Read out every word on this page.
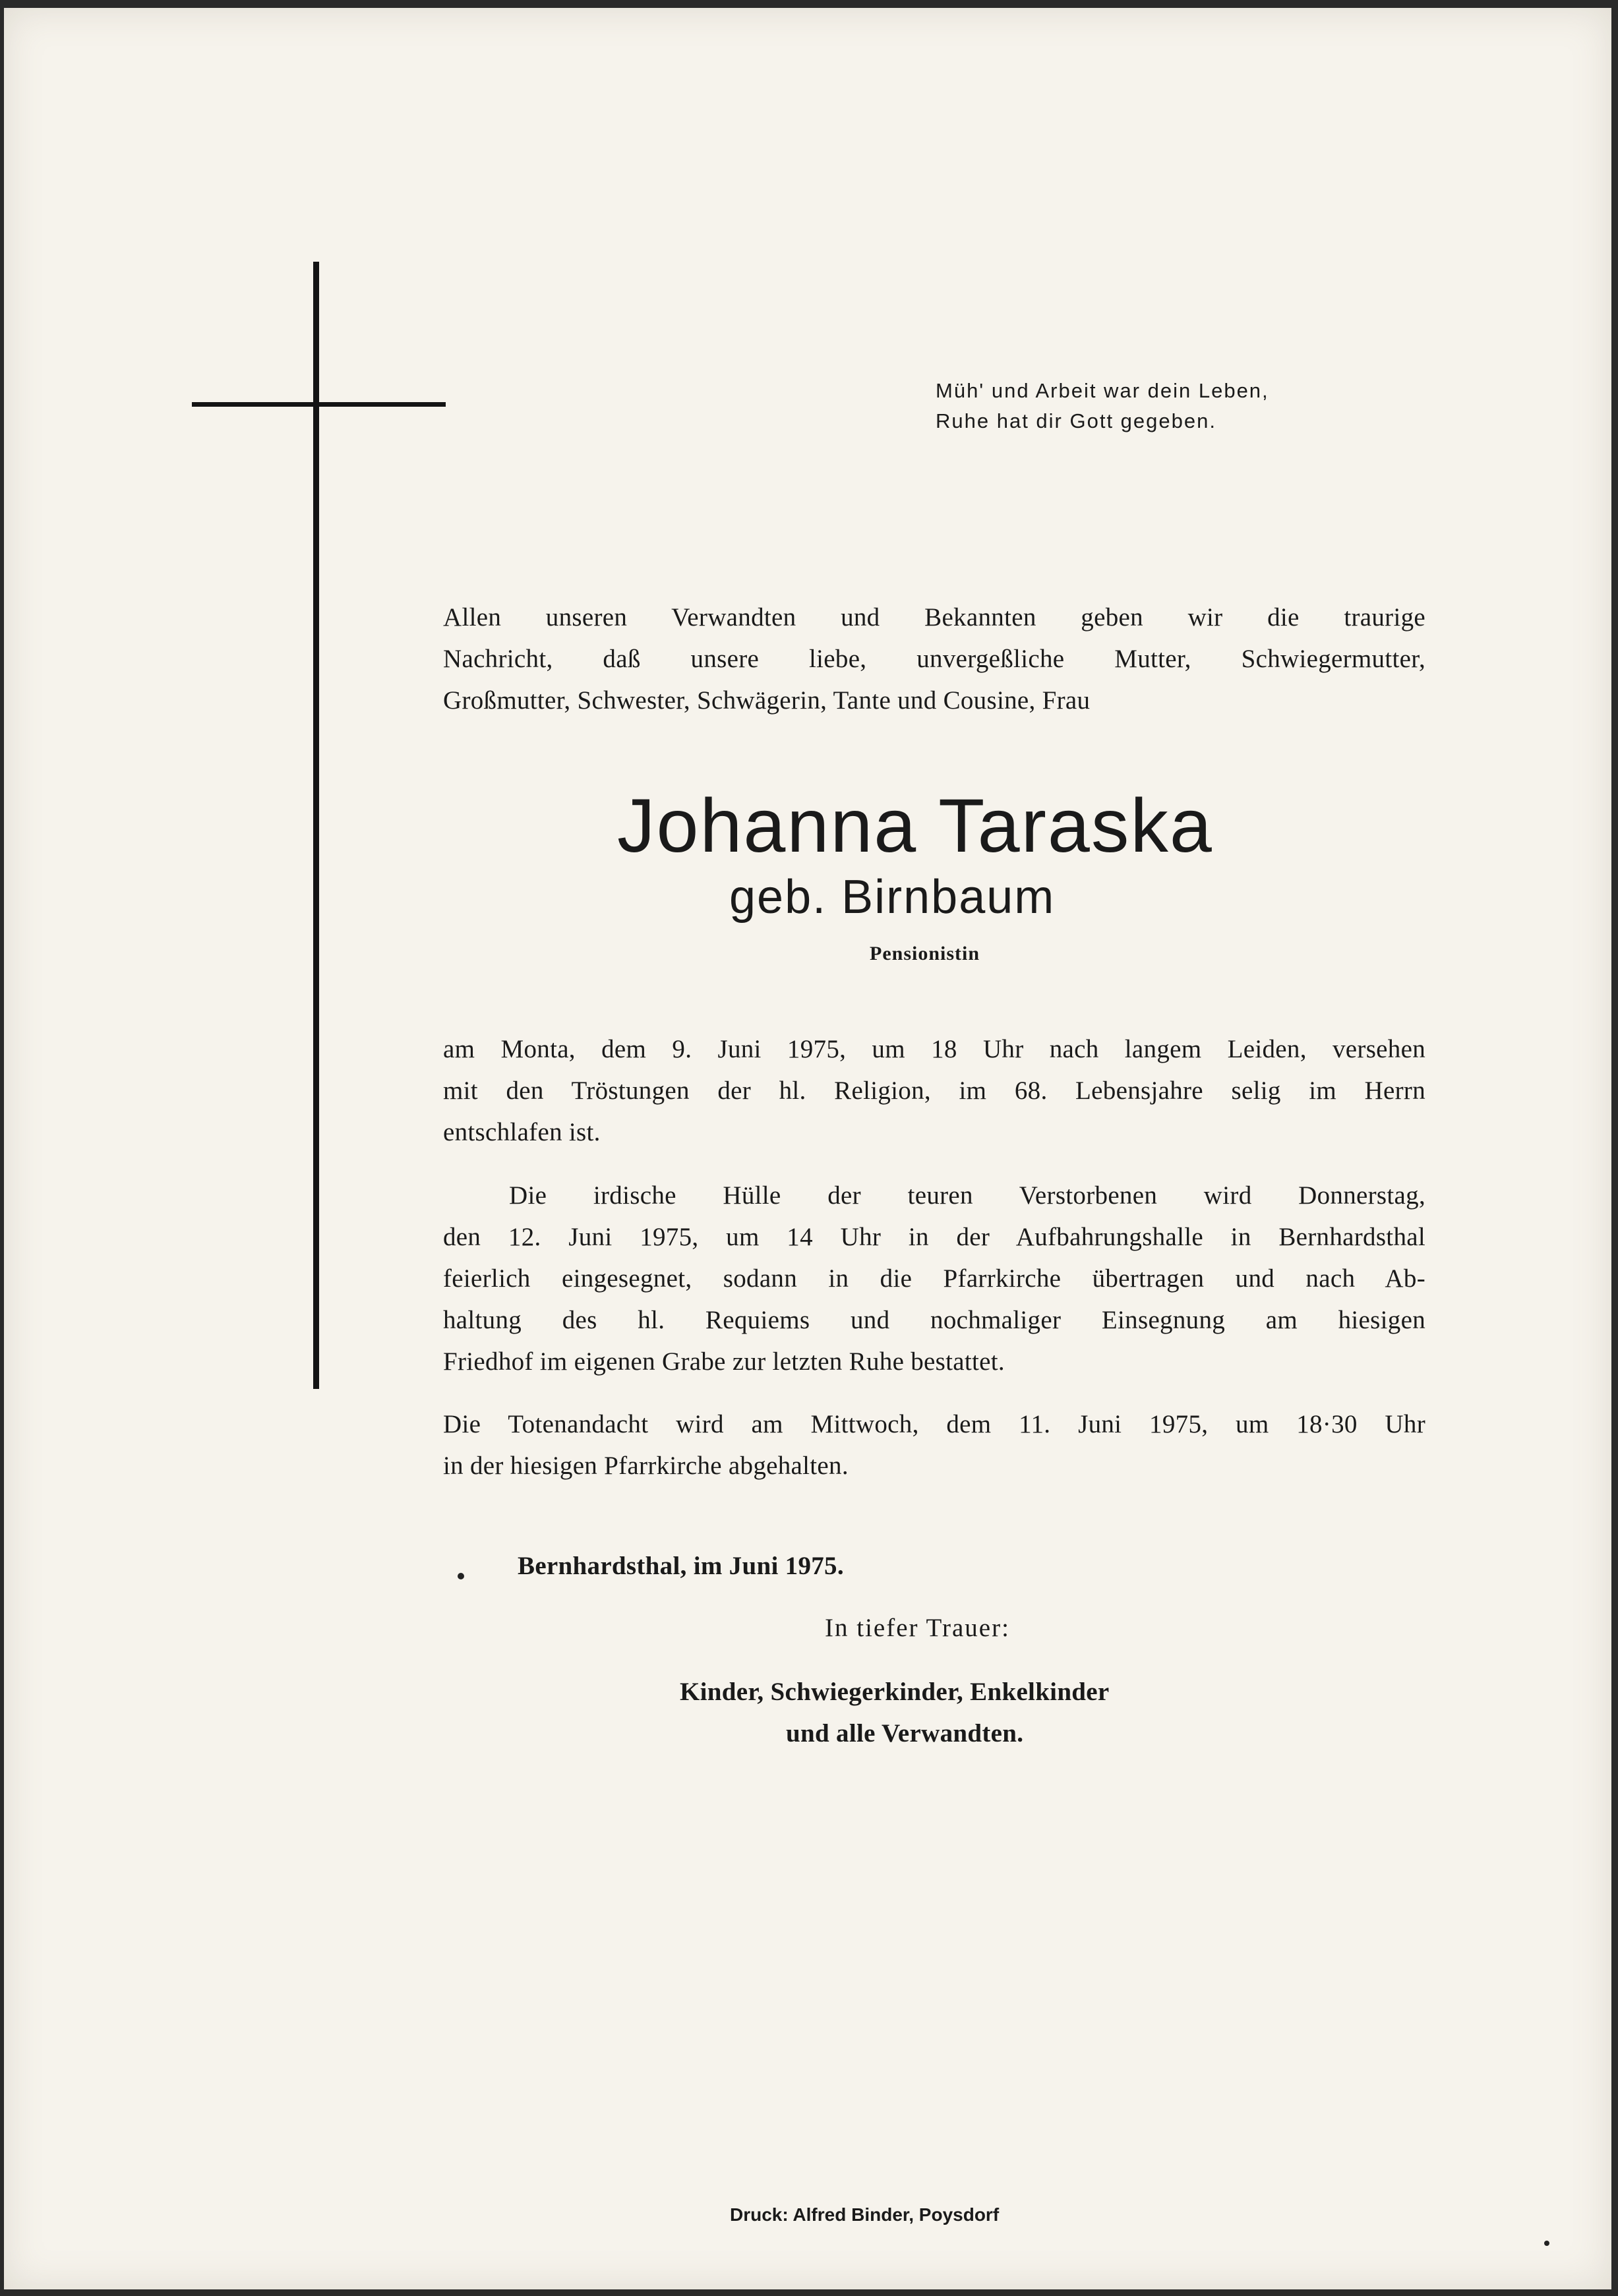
Müh' und Arbeit war dein Leben,

Ruhe hat dir Gott gegeben.

Allen unseren Verwandten und Bekannten geben wir die traurige
Nachricht, daß unsere liebe, unvergeßliche Mutter, Schwiegermutter,
Großmutter, Schwester, Schwägerin, Tante und Cousine, Frau

Johanna Taraska

geb. Birnbaum

Pensionistin

am Monta, dem 9. Juni 1975, um 18 Uhr nach langem Leiden, versehen
mit den Tröstungen der hl. Religion, im 68. Lebensjahre selig im Herrn
entschlafen ist.
Die irdische Hülle der teuren Verstorbenen wird Donnerstag,
den 12. Juni 1975, um 14 Uhr in der Aufbahrungshalle in Bernhardsthal
feierlich eingesegnet, sodann in die Pfarrkirche übertragen und nach Ab-
haltung des hl. Requiems und nochmaliger Einsegnung am hiesigen
Friedhof im eigenen Grabe zur letzten Ruhe bestattet.
Die Totenandacht wird am Mittwoch, dem 11. Juni 1975, um 18·30 Uhr
in der hiesigen Pfarrkirche abgehalten.

Bernhardsthal, im Juni 1975.

In tiefer Trauer:

Kinder, Schwiegerkinder, Enkelkinder

und alle Verwandten.

Druck: Alfred Binder, Poysdorf
